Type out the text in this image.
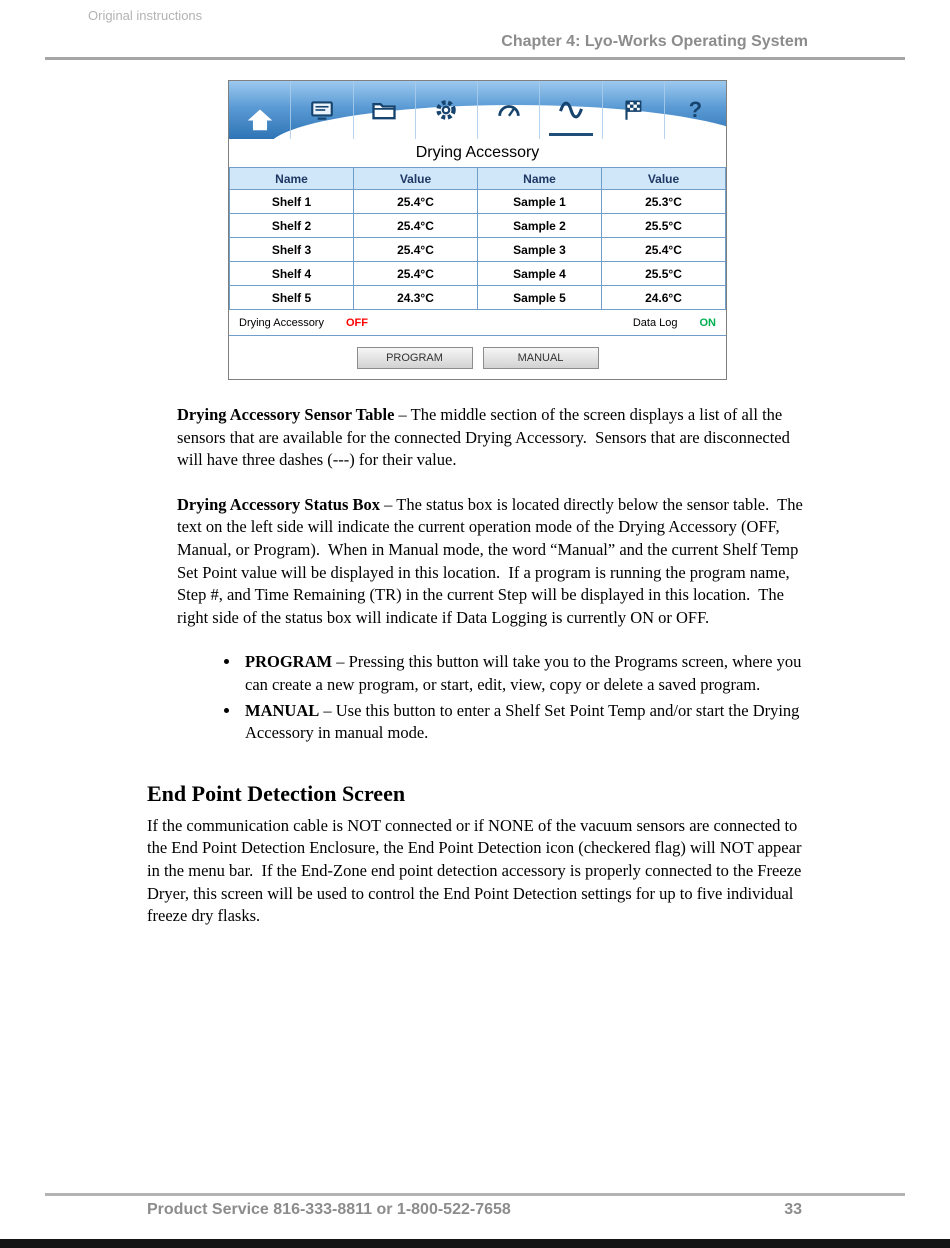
Original instructions
Chapter 4: Lyo-Works Operating System
?
Drying Accessory
Name	Value	Name	Value
Shelf 1	25.4°C	Sample 1	25.3°C
Shelf 2	25.4°C	Sample 2	25.5°C
Shelf 3	25.4°C	Sample 3	25.4°C
Shelf 4	25.4°C	Sample 4	25.5°C
Shelf 5	24.3°C	Sample 5	24.6°C
Drying Accessory OFF	Data Log ON
PROGRAM	MANUAL

Drying Accessory Sensor Table – The middle section of the screen displays a list of all the sensors that are available for the connected Drying Accessory.  Sensors that are disconnected will have three dashes (---) for their value.

Drying Accessory Status Box – The status box is located directly below the sensor table.  The text on the left side will indicate the current operation mode of the Drying Accessory (OFF, Manual, or Program).  When in Manual mode, the word “Manual” and the current Shelf Temp Set Point value will be displayed in this location.  If a program is running the program name, Step #, and Time Remaining (TR) in the current Step will be displayed in this location.  The right side of the status box will indicate if Data Logging is currently ON or OFF.

• PROGRAM – Pressing this button will take you to the Programs screen, where you can create a new program, or start, edit, view, copy or delete a saved program.
• MANUAL – Use this button to enter a Shelf Set Point Temp and/or start the Drying Accessory in manual mode.
End Point Detection Screen

If the communication cable is NOT connected or if NONE of the vacuum sensors are connected to the End Point Detection Enclosure, the End Point Detection icon (checkered flag) will NOT appear in the menu bar.  If the End-Zone end point detection accessory is properly connected to the Freeze Dryer, this screen will be used to control the End Point Detection settings for up to five individual freeze dry flasks.

Product Service 816-333-8811 or 1-800-522-7658	33
